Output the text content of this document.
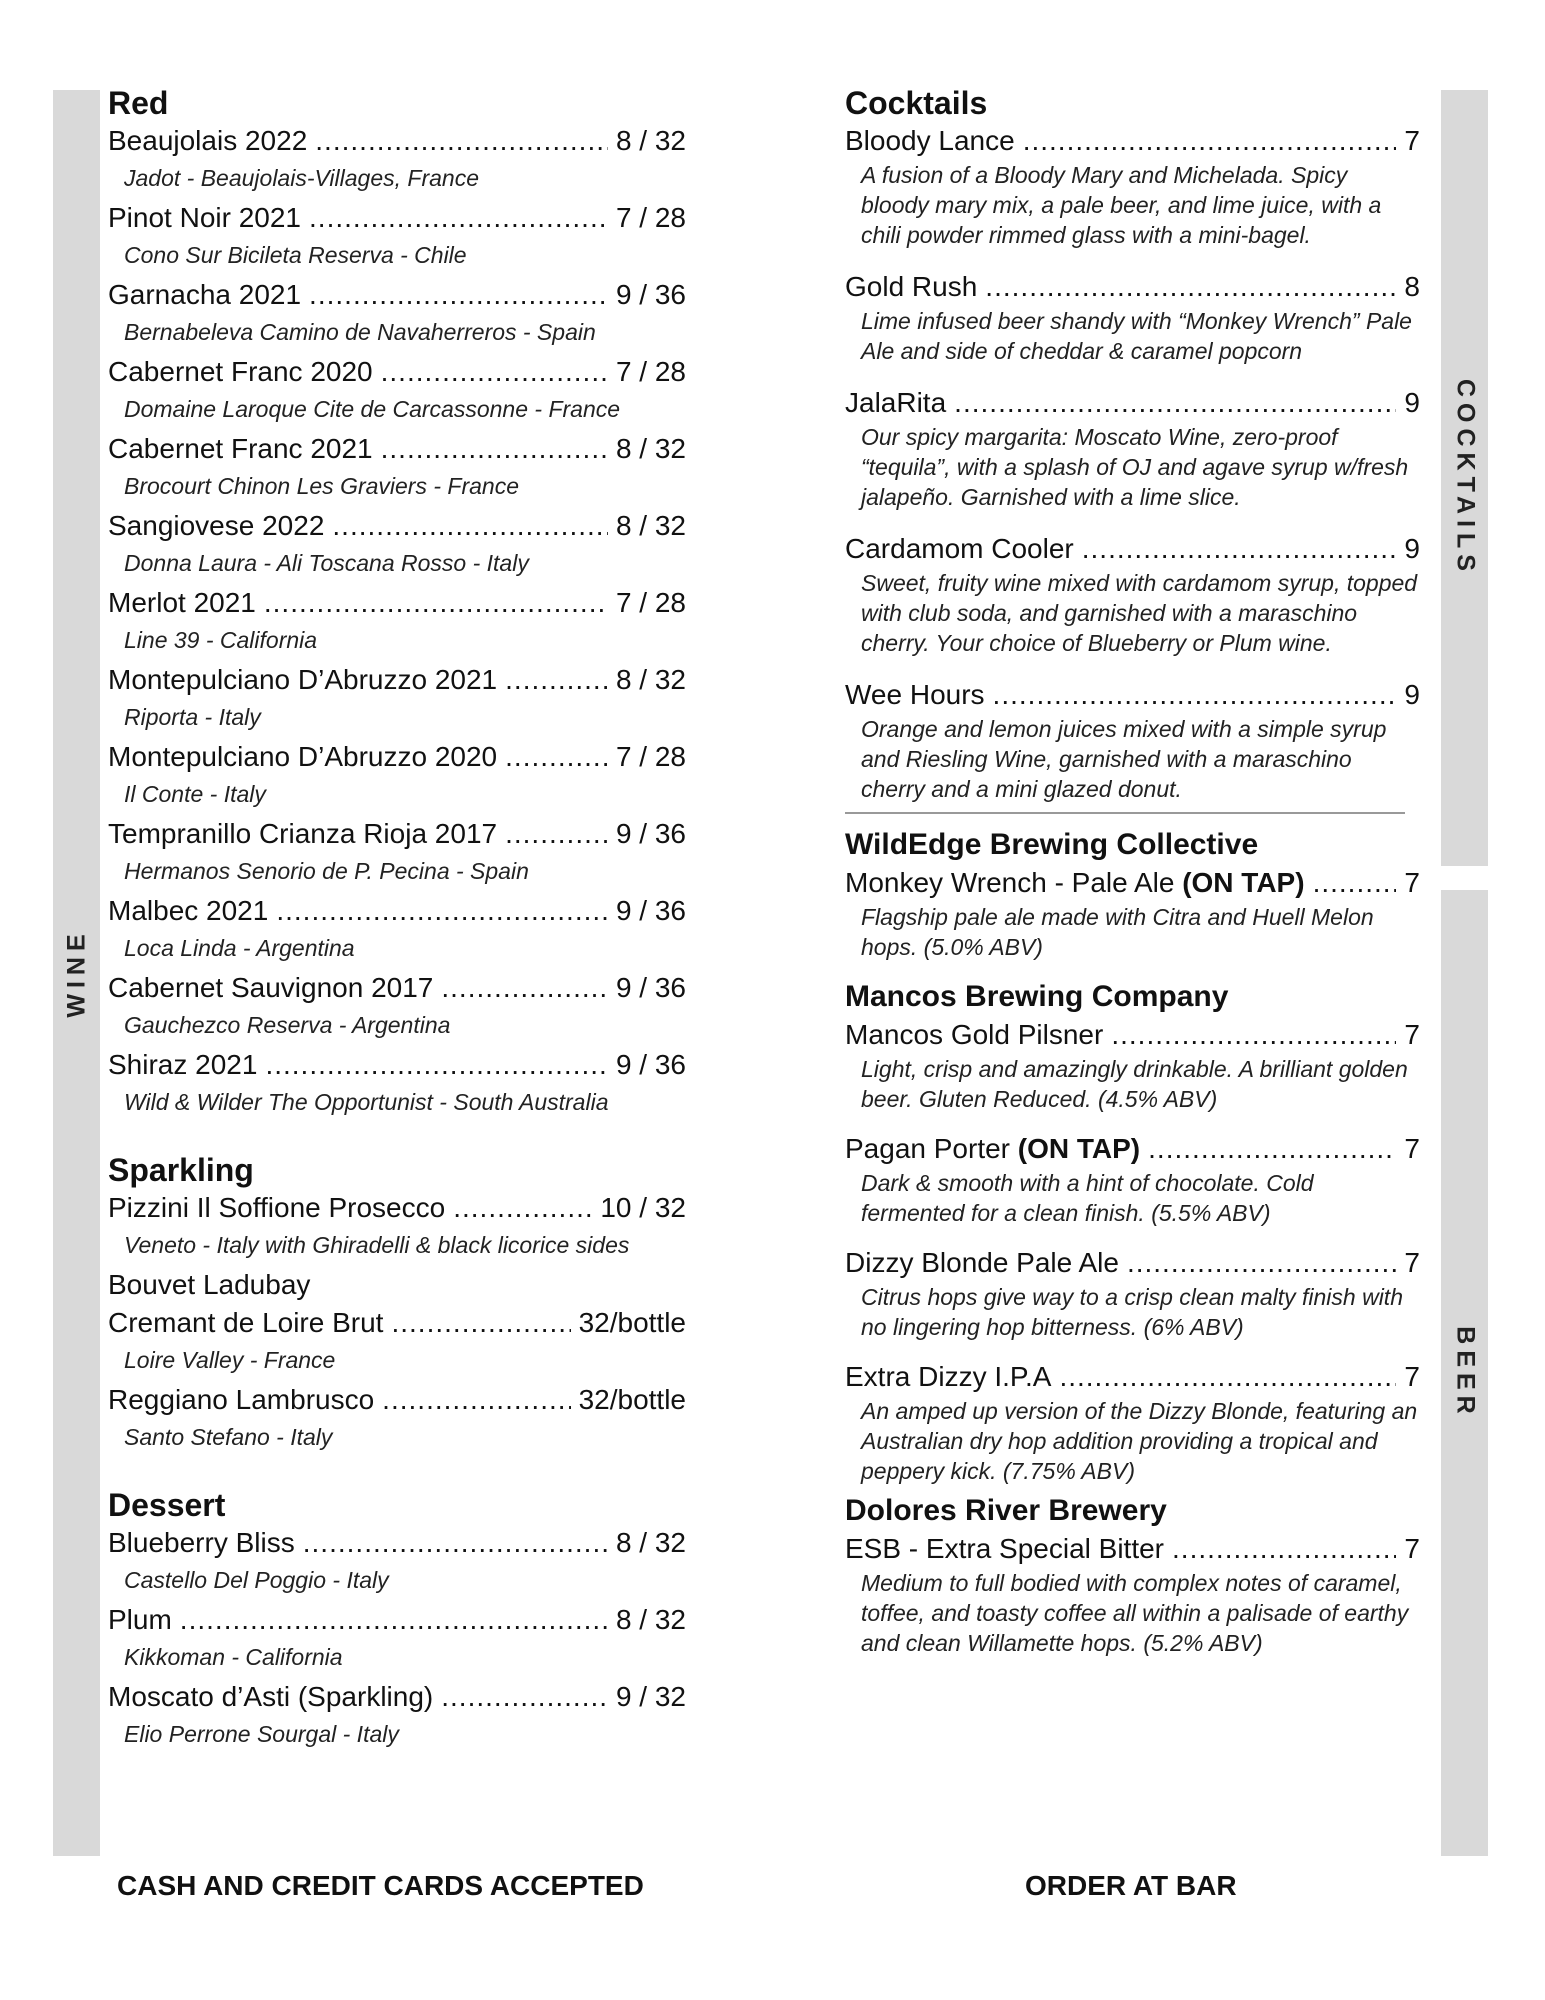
WINE
COCKTAILS
BEER
Red
Beaujolais 2022 .....	8 / 32
Jadot - Beaujolais-Villages, France
Pinot Noir 2021 .....	7 / 28
Cono Sur Bicileta Reserva - Chile
Garnacha 2021 .....	9 / 36
Bernabeleva Camino de Navaherreros - Spain
Cabernet Franc 2020 .....	7 / 28
Domaine Laroque Cite de Carcassonne - France
Cabernet Franc 2021 .....	8 / 32
Brocourt Chinon Les Graviers - France
Sangiovese 2022 .....	8 / 32
Donna Laura - Ali Toscana Rosso - Italy
Merlot 2021 .....	7 / 28
Line 39 - California
Montepulciano D’Abruzzo 2021 .....	8 / 32
Riporta - Italy
Montepulciano D’Abruzzo 2020 .....	7 / 28
Il Conte - Italy
Tempranillo Crianza Rioja 2017 .....	9 / 36
Hermanos Senorio de P. Pecina - Spain
Malbec 2021 .....	9 / 36
Loca Linda - Argentina
Cabernet Sauvignon 2017 .....	9 / 36
Gauchezco Reserva - Argentina
Shiraz 2021 .....	9 / 36
Wild & Wilder The Opportunist - South Australia
Sparkling
Pizzini Il Soffione Prosecco .....	10 / 32
Veneto - Italy with Ghiradelli & black licorice sides
Bouvet Ladubay
Cremant de Loire Brut .....	32/bottle
Loire Valley - France
Reggiano Lambrusco .....	32/bottle
Santo Stefano - Italy
Dessert
Blueberry Bliss .....	8 / 32
Castello Del Poggio - Italy
Plum .....	8 / 32
Kikkoman - California
Moscato d’Asti (Sparkling) .....	9 / 32
Elio Perrone Sourgal - Italy
Cocktails
Bloody Lance .....	7
A fusion of a Bloody Mary and Michelada. Spicy bloody mary mix, a pale beer, and lime juice, with a chili powder rimmed glass with a mini-bagel.
Gold Rush .....	8
Lime infused beer shandy with “Monkey Wrench” Pale Ale and side of cheddar & caramel popcorn
JalaRita .....	9
Our spicy margarita: Moscato Wine, zero-proof “tequila”, with a splash of OJ and agave syrup w/fresh jalapeño. Garnished with a lime slice.
Cardamom Cooler .....	9
Sweet, fruity wine mixed with cardamom syrup, topped with club soda, and garnished with a maraschino cherry. Your choice of Blueberry or Plum wine.
Wee Hours .....	9
Orange and lemon juices mixed with a simple syrup and Riesling Wine, garnished with a maraschino cherry and a mini glazed donut.
WildEdge Brewing Collective
Monkey Wrench - Pale Ale (ON TAP) .....	7
Flagship pale ale made with Citra and Huell Melon hops. (5.0% ABV)
Mancos Brewing Company
Mancos Gold Pilsner .....	7
Light, crisp and amazingly drinkable. A brilliant golden beer. Gluten Reduced. (4.5% ABV)
Pagan Porter (ON TAP) .....	7
Dark & smooth with a hint of chocolate. Cold fermented for a clean finish. (5.5% ABV)
Dizzy Blonde Pale Ale .....	7
Citrus hops give way to a crisp clean malty finish with no lingering hop bitterness. (6% ABV)
Extra Dizzy I.P.A .....	7
An amped up version of the Dizzy Blonde, featuring an Australian dry hop addition providing a tropical and peppery kick. (7.75% ABV)
Dolores River Brewery
ESB - Extra Special Bitter .....	7
Medium to full bodied with complex notes of caramel, toffee, and toasty coffee all within a palisade of earthy and clean Willamette hops. (5.2% ABV)
CASH AND CREDIT CARDS ACCEPTED	ORDER AT BAR
